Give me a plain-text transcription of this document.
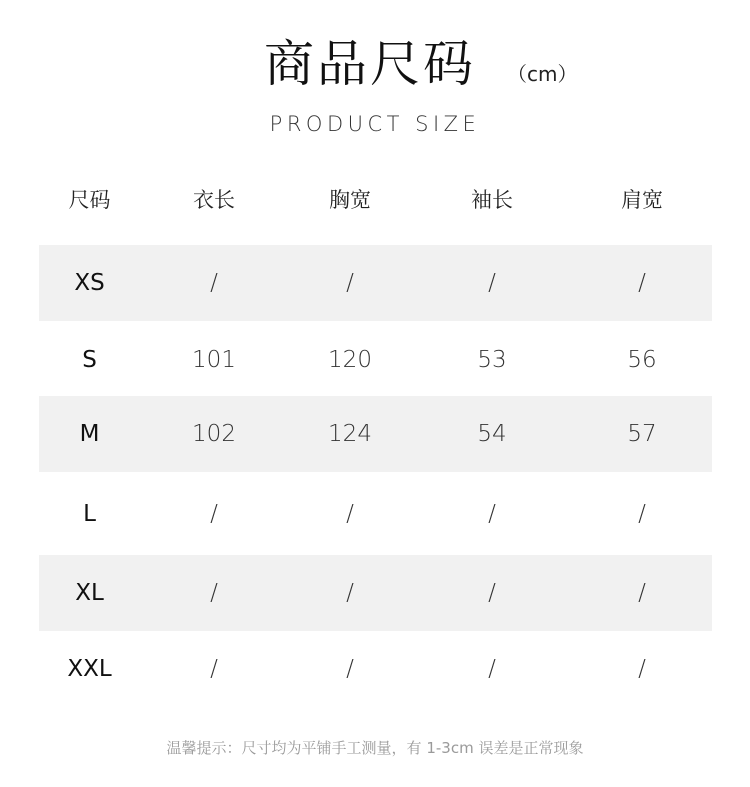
商品尺码 （cm）
PRODUCT SIZE
尺码	衣长	胸宽	袖长	肩宽
XS	/	/	/	/
S	101	120	53	56
M	102	124	54	57
L	/	/	/	/
XL	/	/	/	/
XXL	/	/	/	/
温馨提示：尺寸均为平铺手工测量，有 1-3cm 误差是正常现象
